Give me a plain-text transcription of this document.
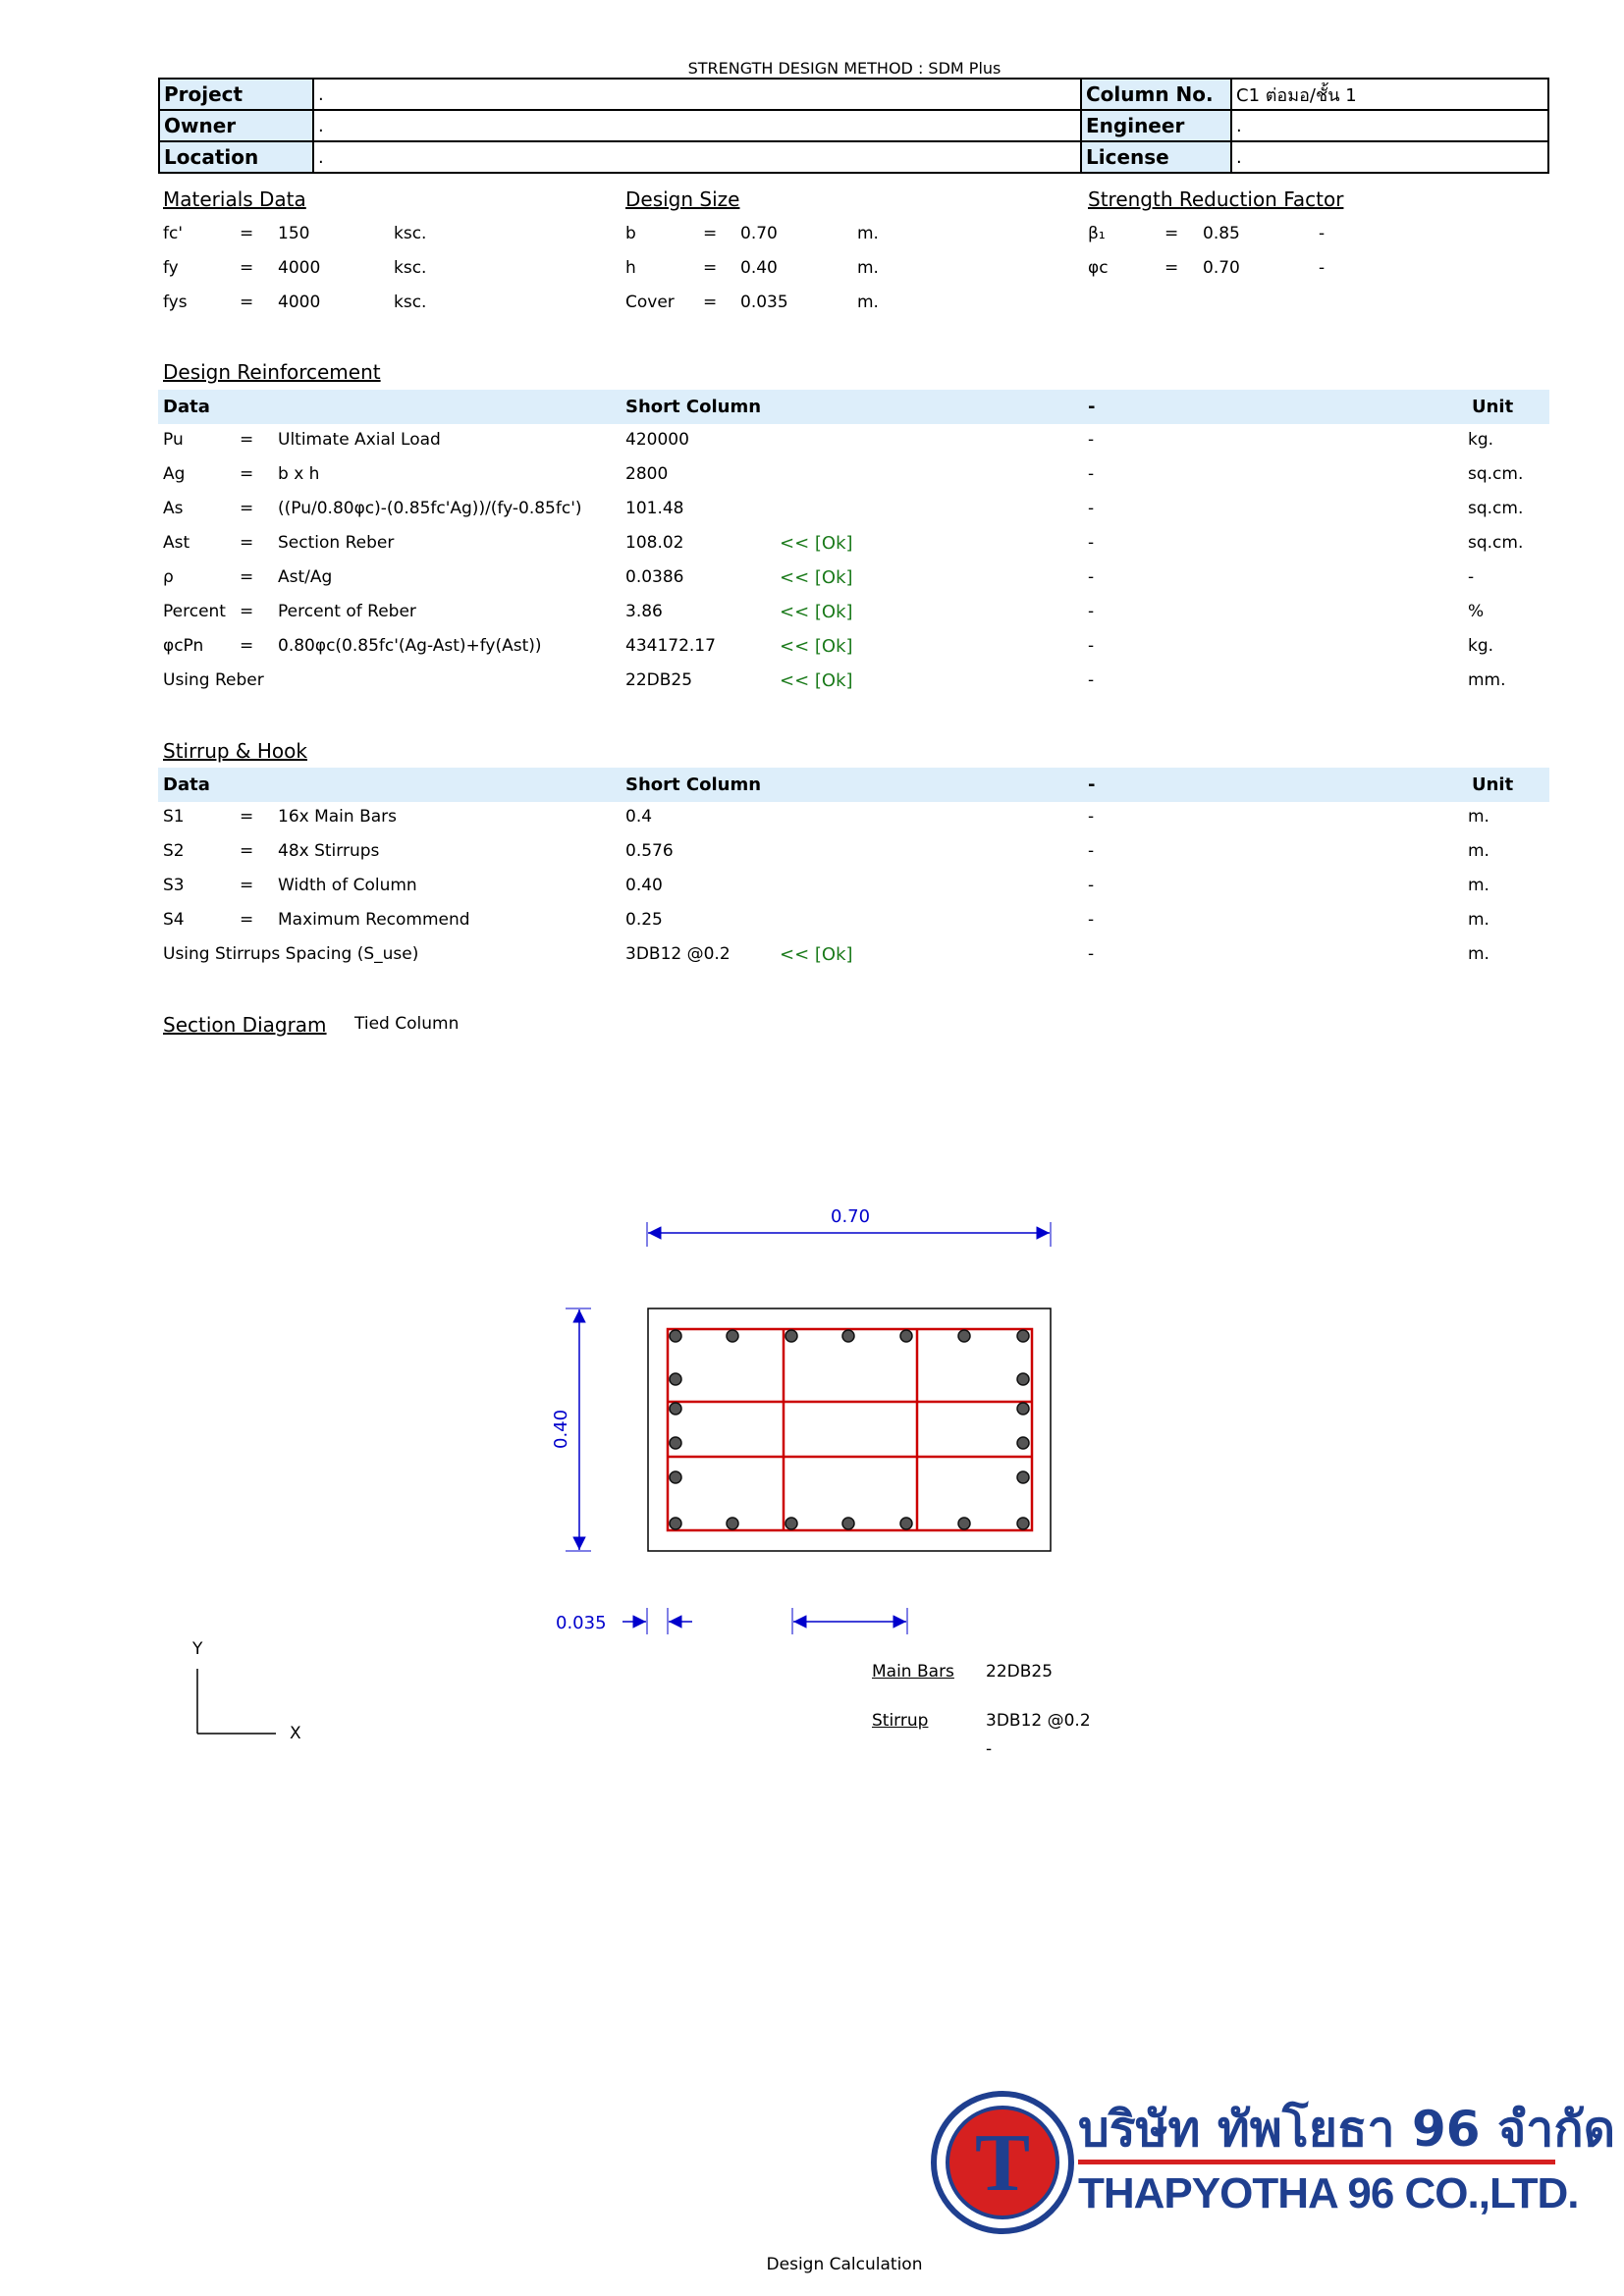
STRENGTH DESIGN METHOD : SDM Plus
Project	.	Column No.	C1 ต่อมอ/ชั้น 1
Owner	.	Engineer	.
Location	.	License	.
Materials Data	Design Size	Strength Reduction Factor
fc'	= 150	ksc.
fy	= 4000	ksc.
fys	= 4000	ksc.
b	= 0.70	m.
h	= 0.40	m.
Cover = 0.035	m.
β₁	= 0.85	-
φc	= 0.70	-
Design Reinforcement
Data	Short Column	-	Unit
Pu	= Ultimate Axial Load	420000	-	kg.
Ag	= b x h	2800	-	sq.cm.
As	= ((Pu/0.80φc)-(0.85fc'Ag))/(fy-0.85fc')	101.48	-	sq.cm.
Ast	= Section Reber	108.02	<< [Ok]	-	sq.cm.
ρ	= Ast/Ag	0.0386	<< [Ok]	-	-
Percent = Percent of Reber	3.86	<< [Ok]	-	%
φcPn = 0.80φc(0.85fc'(Ag-Ast)+fy(Ast))	434172.17	<< [Ok]	-	kg.
Using Reber	22DB25	<< [Ok]	-	mm.
Stirrup & Hook
Data	Short Column	-	Unit
S1	= 16x Main Bars	0.4	-	m.
S2	= 48x Stirrups	0.576	-	m.
S3	= Width of Column	0.40	-	m.
S4	= Maximum Recommend	0.25	-	m.
Using Stirrups Spacing (S_use)	3DB12 @0.2	<< [Ok]	-	m.
Section Diagram Tied Column
0.70
0.40
0.035
Y
X
Main Bars 22DB25
Stirrup	3DB12 @0.2
-
T บริษัท ทัพโยธา 96 จำกัด
THAPYOTHA 96 CO.,LTD.
Design Calculation
